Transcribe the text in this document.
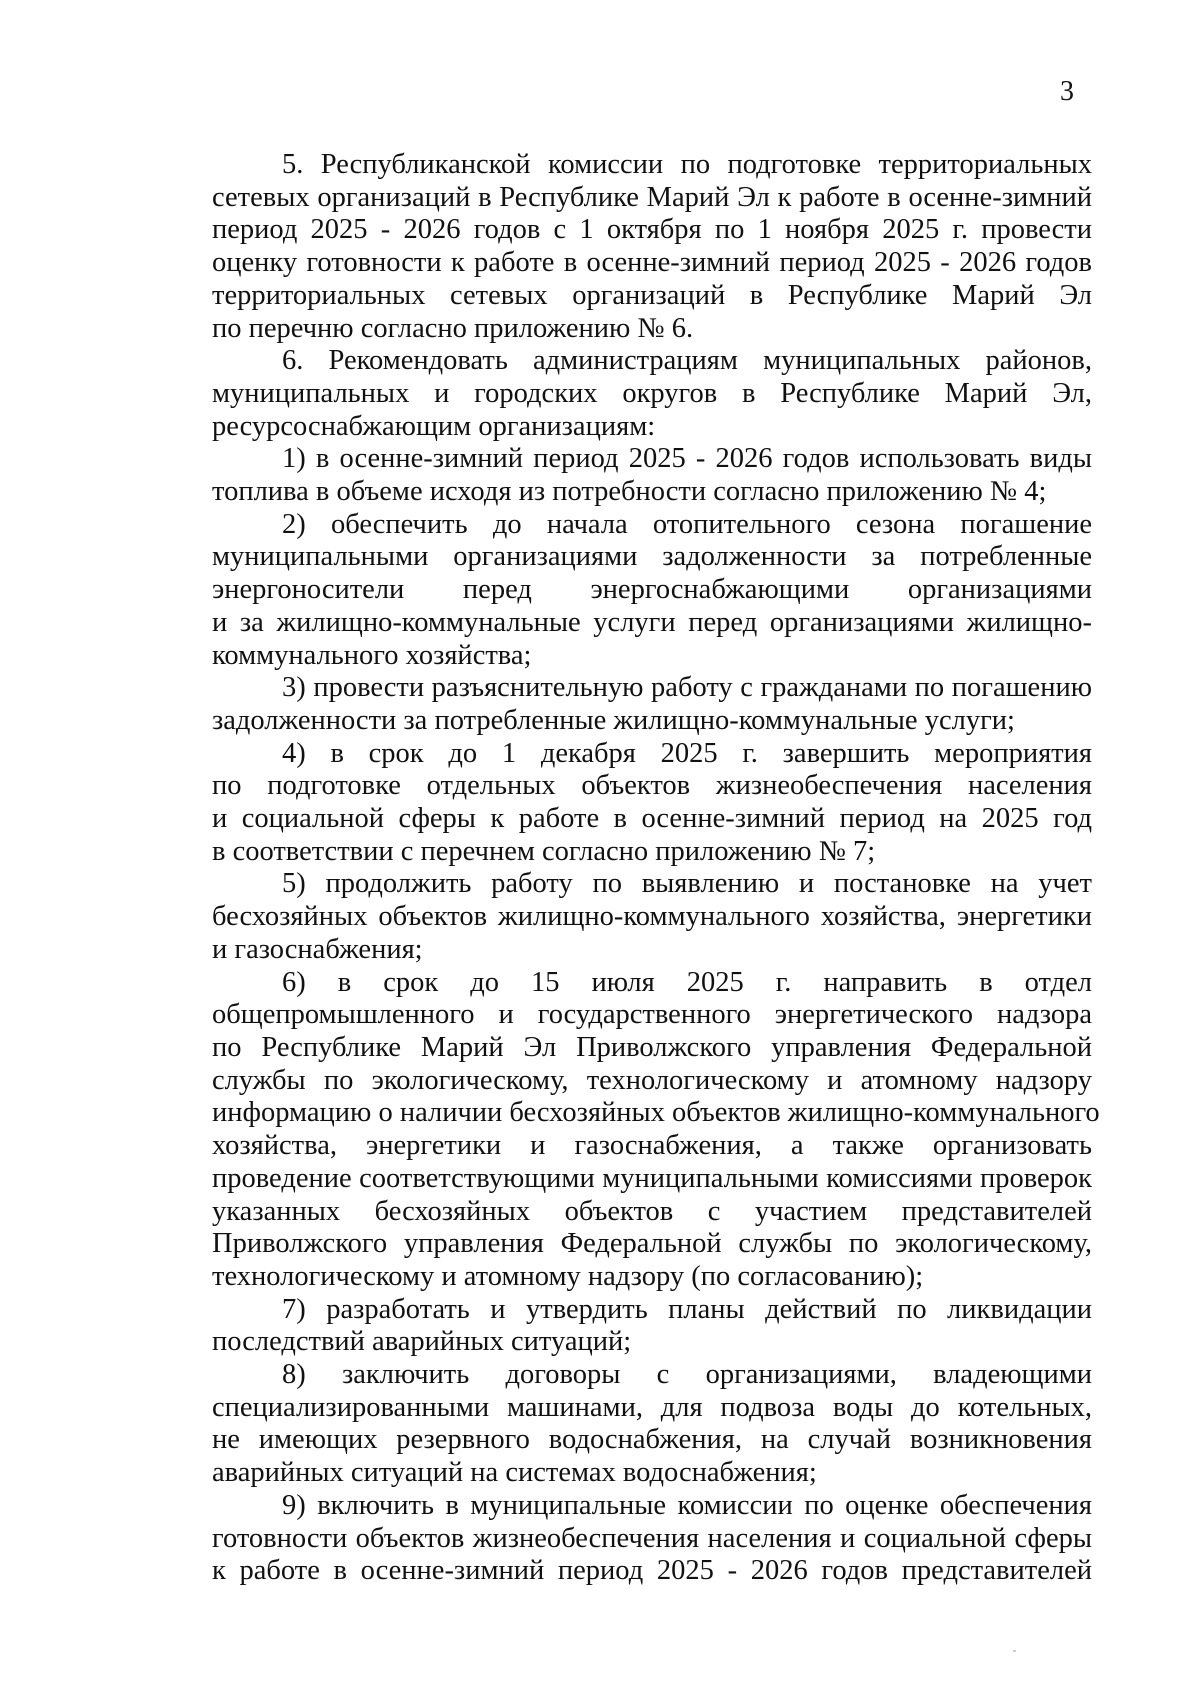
3
5. Республиканской комиссии по подготовке территориальных
сетевых организаций в Республике Марий Эл к работе в осенне-зимний
период 2025 - 2026 годов с 1 октября по 1 ноября 2025 г. провести
оценку готовности к работе в осенне-зимний период 2025 - 2026 годов
территориальных сетевых организаций в Республике Марий Эл
по перечню согласно приложению № 6.
6. Рекомендовать администрациям муниципальных районов,
муниципальных и городских округов в Республике Марий Эл,
ресурсоснабжающим организациям:
1) в осенне-зимний период 2025 - 2026 годов использовать виды
топлива в объеме исходя из потребности согласно приложению № 4;
2) обеспечить до начала отопительного сезона погашение
муниципальными организациями задолженности за потребленные
энергоносители перед энергоснабжающими организациями
и за жилищно-коммунальные услуги перед организациями жилищно-
коммунального хозяйства;
3) провести разъяснительную работу с гражданами по погашению
задолженности за потребленные жилищно-коммунальные услуги;
4) в срок до 1 декабря 2025 г. завершить мероприятия
по подготовке отдельных объектов жизнеобеспечения населения
и социальной сферы к работе в осенне-зимний период на 2025 год
в соответствии с перечнем согласно приложению № 7;
5) продолжить работу по выявлению и постановке на учет
бесхозяйных объектов жилищно-коммунального хозяйства, энергетики
и газоснабжения;
6) в срок до 15 июля 2025 г. направить в отдел
общепромышленного и государственного энергетического надзора
по Республике Марий Эл Приволжского управления Федеральной
службы по экологическому, технологическому и атомному надзору
информацию о наличии бесхозяйных объектов жилищно-коммунального
хозяйства, энергетики и газоснабжения, а также организовать
проведение соответствующими муниципальными комиссиями проверок
указанных бесхозяйных объектов с участием представителей
Приволжского управления Федеральной службы по экологическому,
технологическому и атомному надзору (по согласованию);
7) разработать и утвердить планы действий по ликвидации
последствий аварийных ситуаций;
8) заключить договоры с организациями, владеющими
специализированными машинами, для подвоза воды до котельных,
не имеющих резервного водоснабжения, на случай возникновения
аварийных ситуаций на системах водоснабжения;
9) включить в муниципальные комиссии по оценке обеспечения
готовности объектов жизнеобеспечения населения и социальной сферы
к работе в осенне-зимний период 2025 - 2026 годов представителей
